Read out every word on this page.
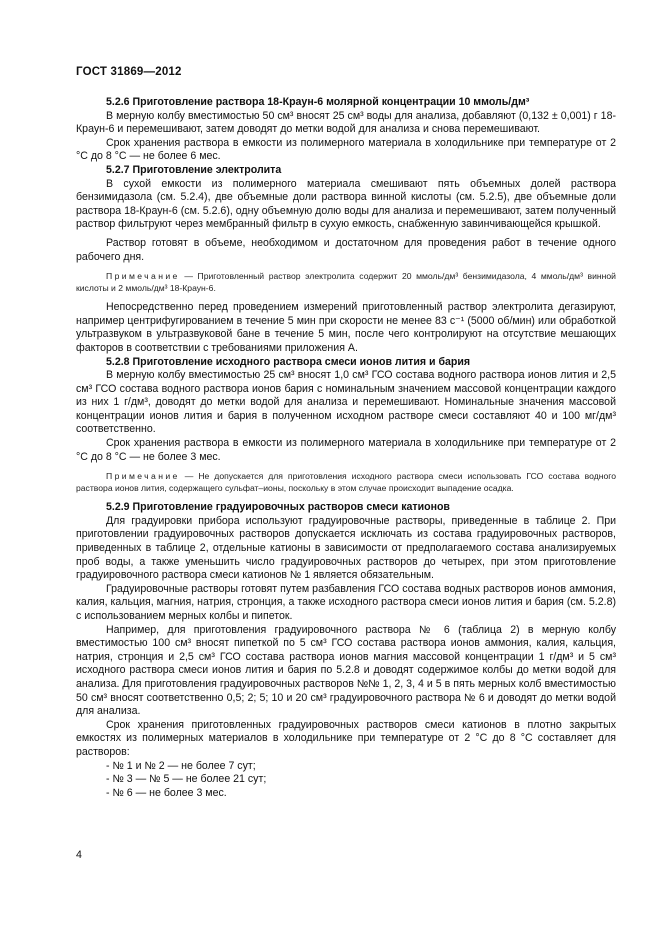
ГОСТ 31869—2012

5.2.6 Приготовление раствора 18-Краун-6 молярной концентрации 10 ммоль/дм³

В мерную колбу вместимостью 50 см³ вносят 25 см³ воды для анализа, добавляют (0,132 ± 0,001) г 18-Краун-6 и перемешивают, затем доводят до метки водой для анализа и снова перемешивают.

Срок хранения раствора в емкости из полимерного материала в холодильнике при температуре от 2 °С до 8 °С — не более 6 мес.

5.2.7 Приготовление электролита

В сухой емкости из полимерного материала смешивают пять объемных долей раствора бензимидазола (см. 5.2.4), две объемные доли раствора винной кислоты (см. 5.2.5), две объемные доли раствора 18-Краун-6 (см. 5.2.6), одну объемную долю воды для анализа и перемешивают, затем полученный раствор фильтруют через мембранный фильтр в сухую емкость, снабженную завинчивающейся крышкой.

Раствор готовят в объеме, необходимом и достаточном для проведения работ в течение одного рабочего дня.

Примечание — Приготовленный раствор электролита содержит 20 ммоль/дм³ бензимидазола, 4 ммоль/дм³ винной кислоты и 2 ммоль/дм³ 18-Краун-6.

Непосредственно перед проведением измерений приготовленный раствор электролита дегазируют, например центрифугированием в течение 5 мин при скорости не менее 83 с⁻¹ (5000 об/мин) или обработкой ультразвуком в ультразвуковой бане в течение 5 мин, после чего контролируют на отсутствие мешающих факторов в соответствии с требованиями приложения А.

5.2.8 Приготовление исходного раствора смеси ионов лития и бария

В мерную колбу вместимостью 25 см³ вносят 1,0 см³ ГСО состава водного раствора ионов лития и 2,5 см³ ГСО состава водного раствора ионов бария с номинальным значением массовой концентрации каждого из них 1 г/дм³, доводят до метки водой для анализа и перемешивают. Номинальные значения массовой концентрации ионов лития и бария в полученном исходном растворе смеси составляют 40 и 100 мг/дм³ соответственно.

Срок хранения раствора в емкости из полимерного материала в холодильнике при температуре от 2 °С до 8 °С — не более 3 мес.

Примечание — Не допускается для приготовления исходного раствора смеси использовать ГСО состава водного раствора ионов лития, содержащего сульфат–ионы, поскольку в этом случае происходит выпадение осадка.

5.2.9 Приготовление градуировочных растворов смеси катионов

Для градуировки прибора используют градуировочные растворы, приведенные в таблице 2. При приготовлении градуировочных растворов допускается исключать из состава градуировочных растворов, приведенных в таблице 2, отдельные катионы в зависимости от предполагаемого состава анализируемых проб воды, а также уменьшить число градуировочных растворов до четырех, при этом приготовление градуировочного раствора смеси катионов № 1 является обязательным.

Градуировочные растворы готовят путем разбавления ГСО состава водных растворов ионов аммония, калия, кальция, магния, натрия, стронция, а также исходного раствора смеси ионов лития и бария (см. 5.2.8) с использованием мерных колбы и пипеток.

Например, для приготовления градуировочного раствора № 6 (таблица 2) в мерную колбу вместимостью 100 см³ вносят пипеткой по 5 см³ ГСО состава раствора ионов аммония, калия, кальция, натрия, стронция и 2,5 см³ ГСО состава раствора ионов магния массовой концентрации 1 г/дм³ и 5 см³ исходного раствора смеси ионов лития и бария по 5.2.8 и доводят содержимое колбы до метки водой для анализа. Для приготовления градуировочных растворов №№ 1, 2, 3, 4 и 5 в пять мерных колб вместимостью 50 см³ вносят соответственно 0,5; 2; 5; 10 и 20 см³ градуировочного раствора № 6 и доводят до метки водой для анализа.

Срок хранения приготовленных градуировочных растворов смеси катионов в плотно закрытых емкостях из полимерных материалов в холодильнике при температуре от 2 °С до 8 °С составляет для растворов:

- № 1 и № 2 — не более 7 сут;

- № 3 — № 5 — не более 21 сут;

- № 6 — не более 3 мес.

4
